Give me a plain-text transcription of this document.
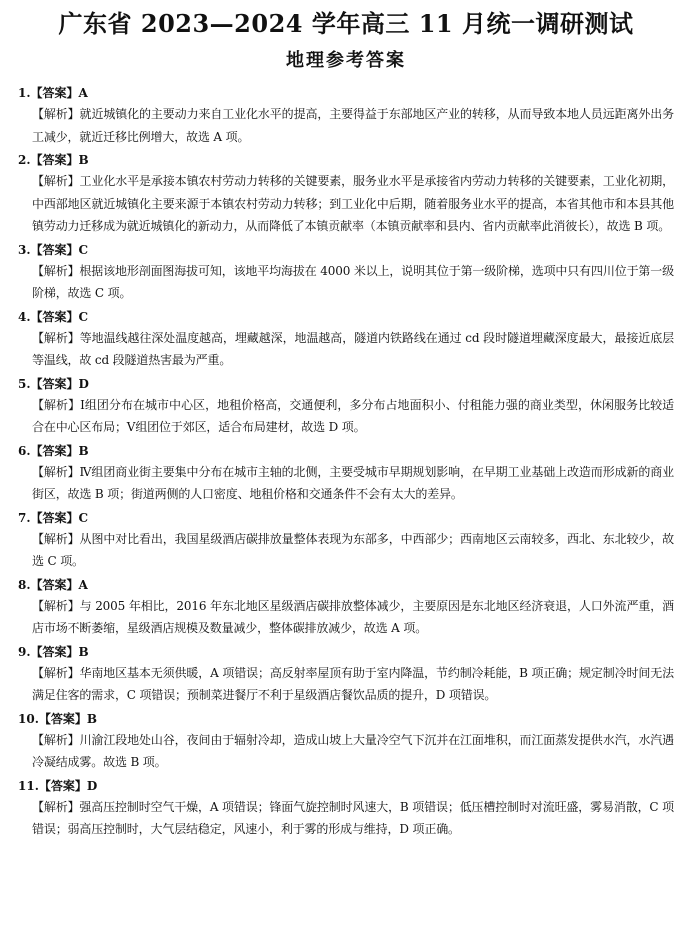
广东省 2023—2024 学年高三 11 月统一调研测试
地理参考答案
1.【答案】A
【解析】就近城镇化的主要动力来自工业化水平的提高，主要得益于东部地区产业的转移，从而导致本地人员远距离外出务工减少，就近迁移比例增大，故选 A 项。
2.【答案】B
【解析】工业化水平是承接本镇农村劳动力转移的关键要素，服务业水平是承接省内劳动力转移的关键要素，工业化初期，中西部地区就近城镇化主要来源于本镇农村劳动力转移；到工业化中后期，随着服务业水平的提高，本省其他市和本县其他镇劳动力迁移成为就近城镇化的新动力，从而降低了本镇贡献率（本镇贡献率和县内、省内贡献率此消彼长），故选 B 项。
3.【答案】C
【解析】根据该地形剖面图海拔可知，该地平均海拔在 4000 米以上，说明其位于第一级阶梯，选项中只有四川位于第一级阶梯，故选 C 项。
4.【答案】C
【解析】等地温线越往深处温度越高，埋藏越深，地温越高，隧道内铁路线在通过 cd 段时隧道埋藏深度最大，最接近底层等温线，故 cd 段隧道热害最为严重。
5.【答案】D
【解析】Ⅰ组团分布在城市中心区，地租价格高，交通便利，多分布占地面积小、付租能力强的商业类型，休闲服务比较适合在中心区布局；Ⅴ组团位于郊区，适合布局建材，故选 D 项。
6.【答案】B
【解析】Ⅳ组团商业街主要集中分布在城市主轴的北侧，主要受城市早期规划影响，在早期工业基础上改造而形成新的商业街区，故选 B 项；街道两侧的人口密度、地租价格和交通条件不会有太大的差异。
7.【答案】C
【解析】从图中对比看出，我国星级酒店碳排放量整体表现为东部多，中西部少；西南地区云南较多，西北、东北较少，故选 C 项。
8.【答案】A
【解析】与 2005 年相比，2016 年东北地区星级酒店碳排放整体减少，主要原因是东北地区经济衰退，人口外流严重，酒店市场不断萎缩，星级酒店规模及数量减少，整体碳排放减少，故选 A 项。
9.【答案】B
【解析】华南地区基本无须供暖，A 项错误；高反射率屋顶有助于室内降温，节约制冷耗能，B 项正确；规定制冷时间无法满足住客的需求，C 项错误；预制菜进餐厅不利于星级酒店餐饮品质的提升，D 项错误。
10.【答案】B
【解析】川渝江段地处山谷，夜间由于辐射冷却，造成山坡上大量冷空气下沉并在江面堆积，而江面蒸发提供水汽，水汽遇冷凝结成雾。故选 B 项。
11.【答案】D
【解析】强高压控制时空气干燥，A 项错误；锋面气旋控制时风速大，B 项错误；低压槽控制时对流旺盛，雾易消散，C 项错误；弱高压控制时，大气层结稳定，风速小，利于雾的形成与维持，D 项正确。
